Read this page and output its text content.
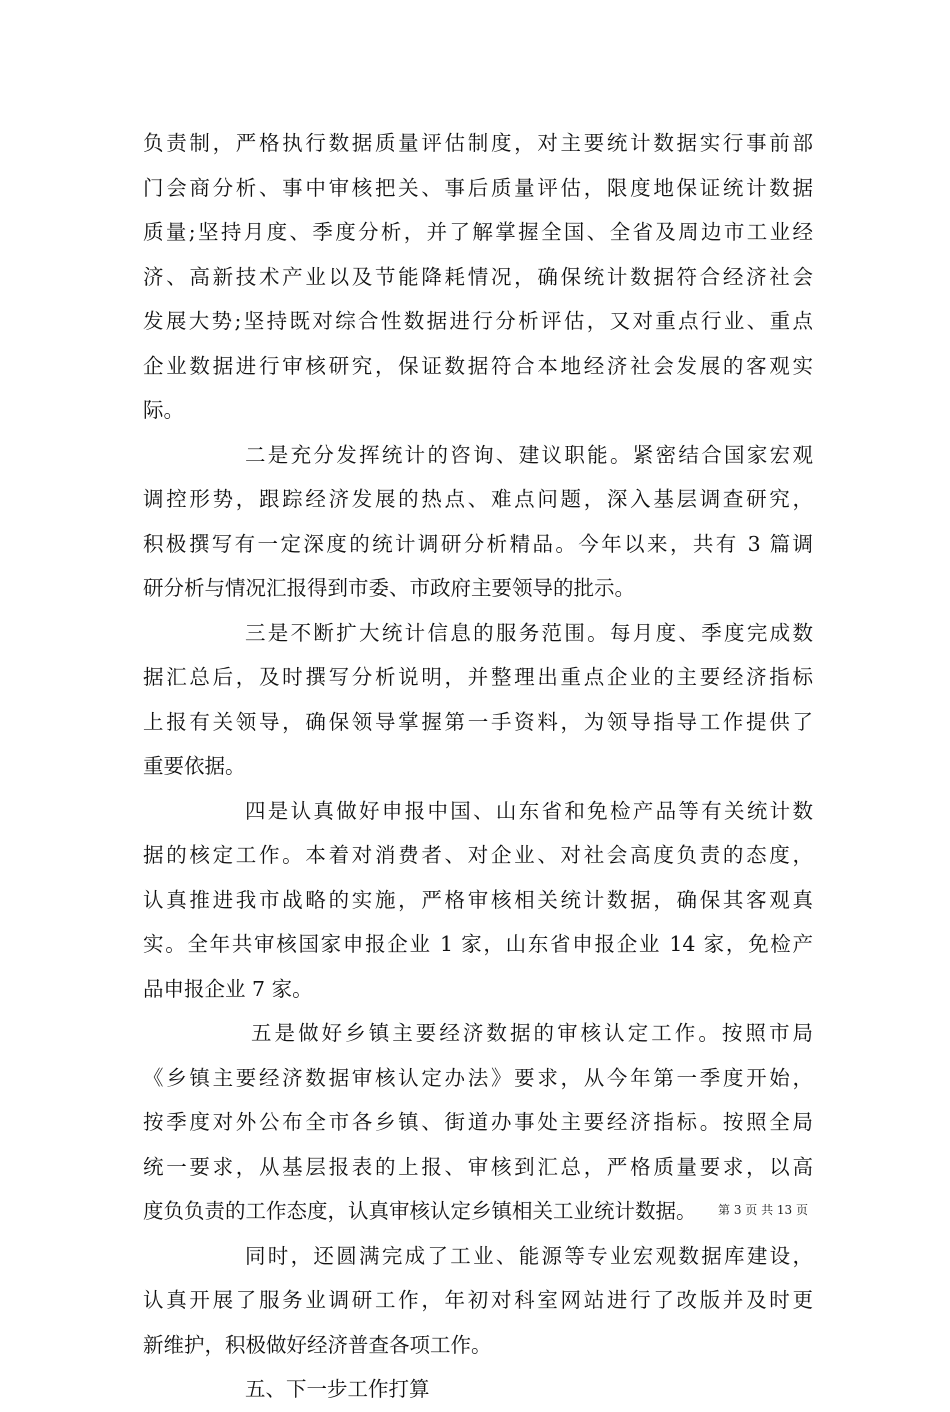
负责制，严格执行数据质量评估制度，对主要统计数据实行事前部
门会商分析、事中审核把关、事后质量评估，限度地保证统计数据
质量;坚持月度、季度分析，并了解掌握全国、全省及周边市工业经
济、高新技术产业以及节能降耗情况，确保统计数据符合经济社会
发展大势;坚持既对综合性数据进行分析评估，又对重点行业、重点
企业数据进行审核研究，保证数据符合本地经济社会发展的客观实
际。
二是充分发挥统计的咨询、建议职能。紧密结合国家宏观
调控形势，跟踪经济发展的热点、难点问题，深入基层调查研究，
积极撰写有一定深度的统计调研分析精品。今年以来，共有 3 篇调
研分析与情况汇报得到市委、市政府主要领导的批示。
三是不断扩大统计信息的服务范围。每月度、季度完成数
据汇总后，及时撰写分析说明，并整理出重点企业的主要经济指标
上报有关领导，确保领导掌握第一手资料，为领导指导工作提供了
重要依据。
四是认真做好申报中国、山东省和免检产品等有关统计数
据的核定工作。本着对消费者、对企业、对社会高度负责的态度，
认真推进我市战略的实施，严格审核相关统计数据，确保其客观真
实。全年共审核国家申报企业 1 家，山东省申报企业 14 家，免检产
品申报企业 7 家。
五是做好乡镇主要经济数据的审核认定工作。按照市局
《乡镇主要经济数据审核认定办法》要求，从今年第一季度开始，
按季度对外公布全市各乡镇、街道办事处主要经济指标。按照全局
统一要求，从基层报表的上报、审核到汇总，严格质量要求，以高
度负负责的工作态度，认真审核认定乡镇相关工业统计数据。
同时，还圆满完成了工业、能源等专业宏观数据库建设，
认真开展了服务业调研工作，年初对科室网站进行了改版并及时更
新维护，积极做好经济普查各项工作。
五、下一步工作打算
第 3 页 共 13 页
